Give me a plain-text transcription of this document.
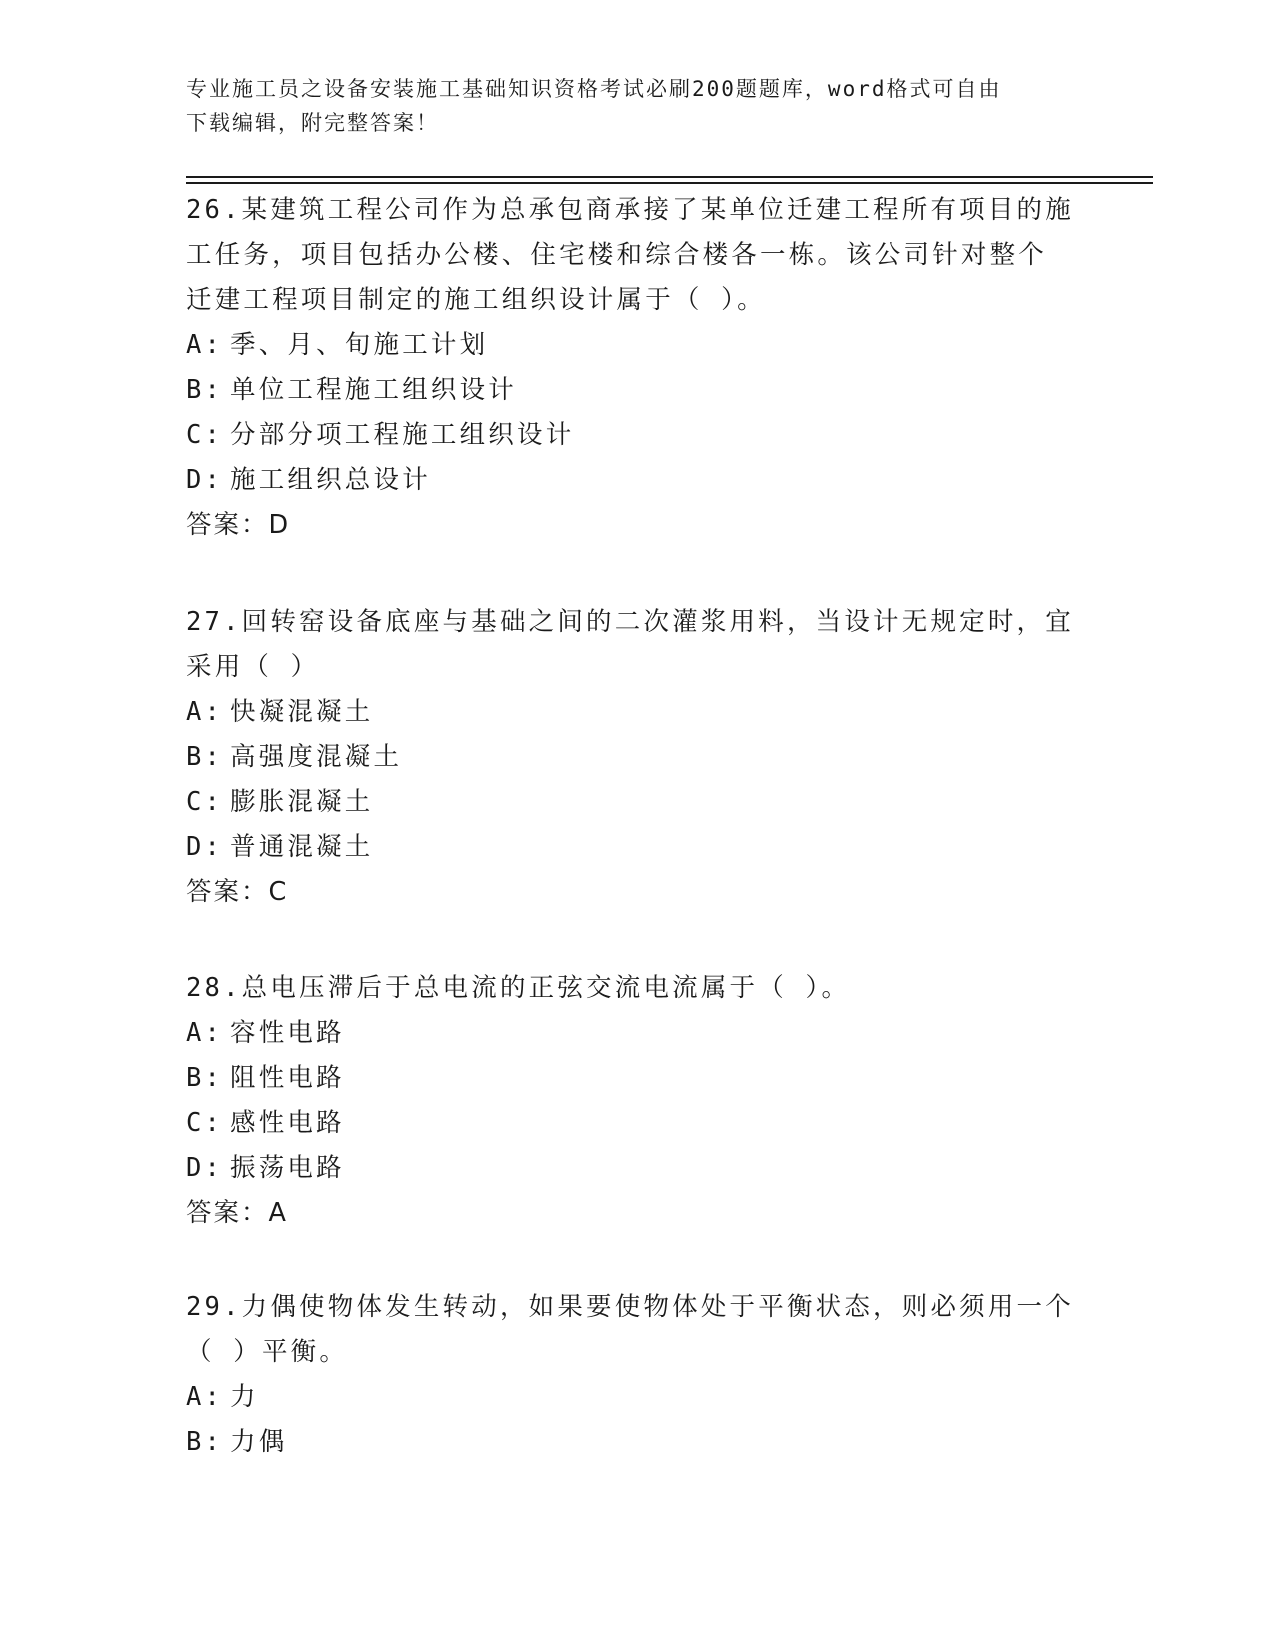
专业施工员之设备安装施工基础知识资格考试必刷200题题库，word格式可自由
下载编辑，附完整答案！

26.某建筑工程公司作为总承包商承接了某单位迁建工程所有项目的施

工任务，项目包括办公楼、住宅楼和综合楼各一栋。该公司针对整个

迁建工程项目制定的施工组织设计属于（ ）。

A: 季、月、旬施工计划

B: 单位工程施工组织设计

C: 分部分项工程施工组织设计

D: 施工组织总设计

答案：D

27.回转窑设备底座与基础之间的二次灌浆用料，当设计无规定时，宜

采用（ ）

A: 快凝混凝土

B: 高强度混凝土

C: 膨胀混凝土

D: 普通混凝土

答案：C

28.总电压滞后于总电流的正弦交流电流属于（ ）。

A: 容性电路

B: 阻性电路

C: 感性电路

D: 振荡电路

答案：A

29.力偶使物体发生转动，如果要使物体处于平衡状态，则必须用一个

（ ）平衡。

A: 力

B: 力偶
